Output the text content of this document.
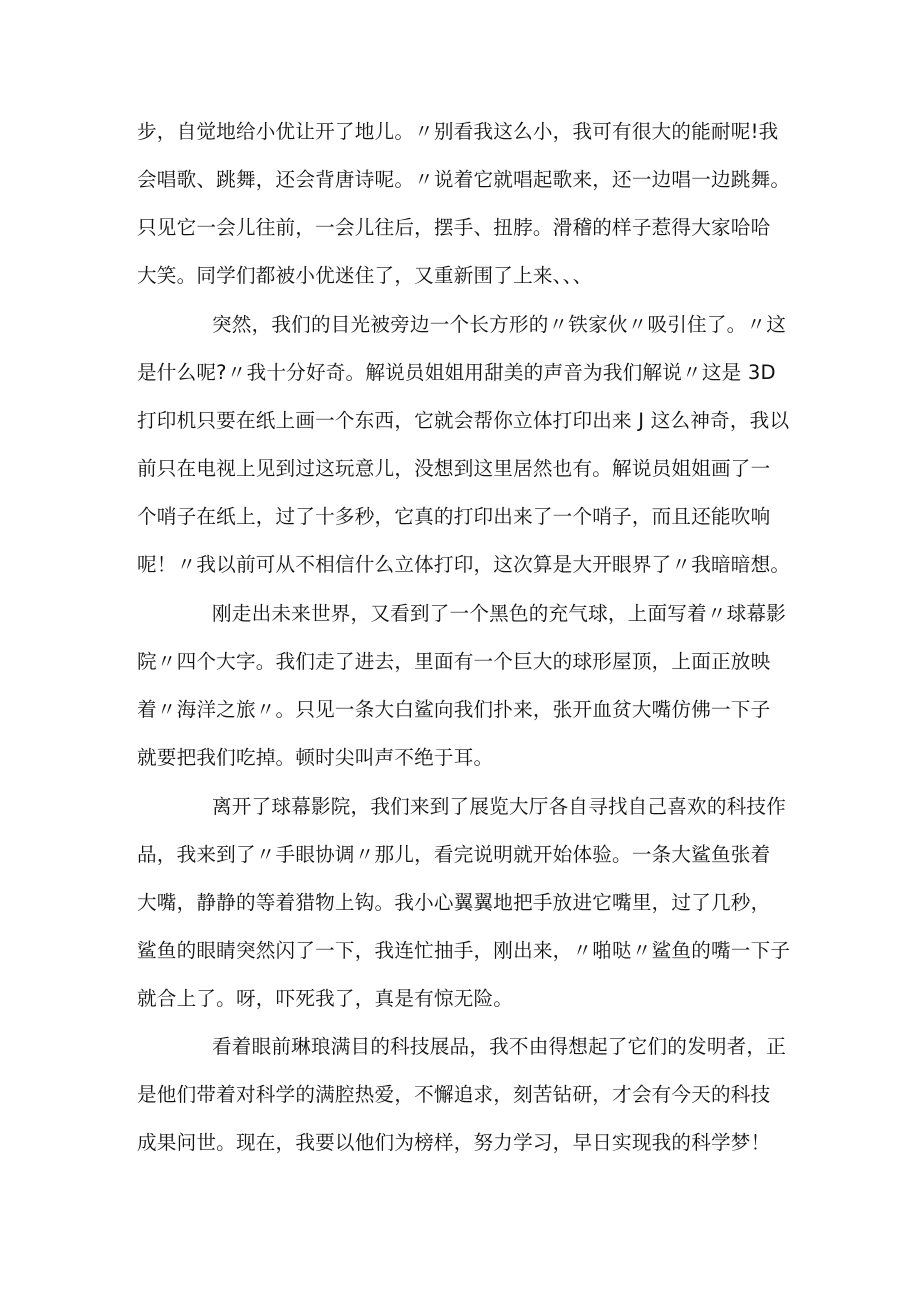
步，自觉地给小优让开了地儿。〃别看我这么小，我可有很大的能耐呢!我
会唱歌、跳舞，还会背唐诗呢。〃说着它就唱起歌来，还一边唱一边跳舞。
只见它一会儿往前，一会儿往后，摆手、扭脖。滑稽的样子惹得大家哈哈
大笑。同学们都被小优迷住了，又重新围了上来、、、
突然，我们的目光被旁边一个长方形的〃铁家伙〃吸引住了。〃这
是什么呢?〃我十分好奇。解说员姐姐用甜美的声音为我们解说〃这是 3D
打印机只要在纸上画一个东西，它就会帮你立体打印出来 J 这么神奇，我以
前只在电视上见到过这玩意儿，没想到这里居然也有。解说员姐姐画了一
个哨子在纸上，过了十多秒，它真的打印出来了一个哨子，而且还能吹响
呢！〃我以前可从不相信什么立体打印，这次算是大开眼界了〃我暗暗想。
刚走出未来世界，又看到了一个黑色的充气球，上面写着〃球幕影
院〃四个大字。我们走了进去，里面有一个巨大的球形屋顶，上面正放映
着〃海洋之旅〃。只见一条大白鲨向我们扑来，张开血贫大嘴仿佛一下子
就要把我们吃掉。顿时尖叫声不绝于耳。
离开了球幕影院，我们来到了展览大厅各自寻找自己喜欢的科技作
品，我来到了〃手眼协调〃那儿，看完说明就开始体验。一条大鲨鱼张着
大嘴，静静的等着猎物上钩。我小心翼翼地把手放进它嘴里，过了几秒，
鲨鱼的眼睛突然闪了一下，我连忙抽手，刚出来，〃啪哒〃鲨鱼的嘴一下子
就合上了。呀，吓死我了，真是有惊无险。
看着眼前琳琅满目的科技展品，我不由得想起了它们的发明者，正
是他们带着对科学的满腔热爱，不懈追求，刻苦钻研，才会有今天的科技
成果问世。现在，我要以他们为榜样，努力学习，早日实现我的科学梦！
